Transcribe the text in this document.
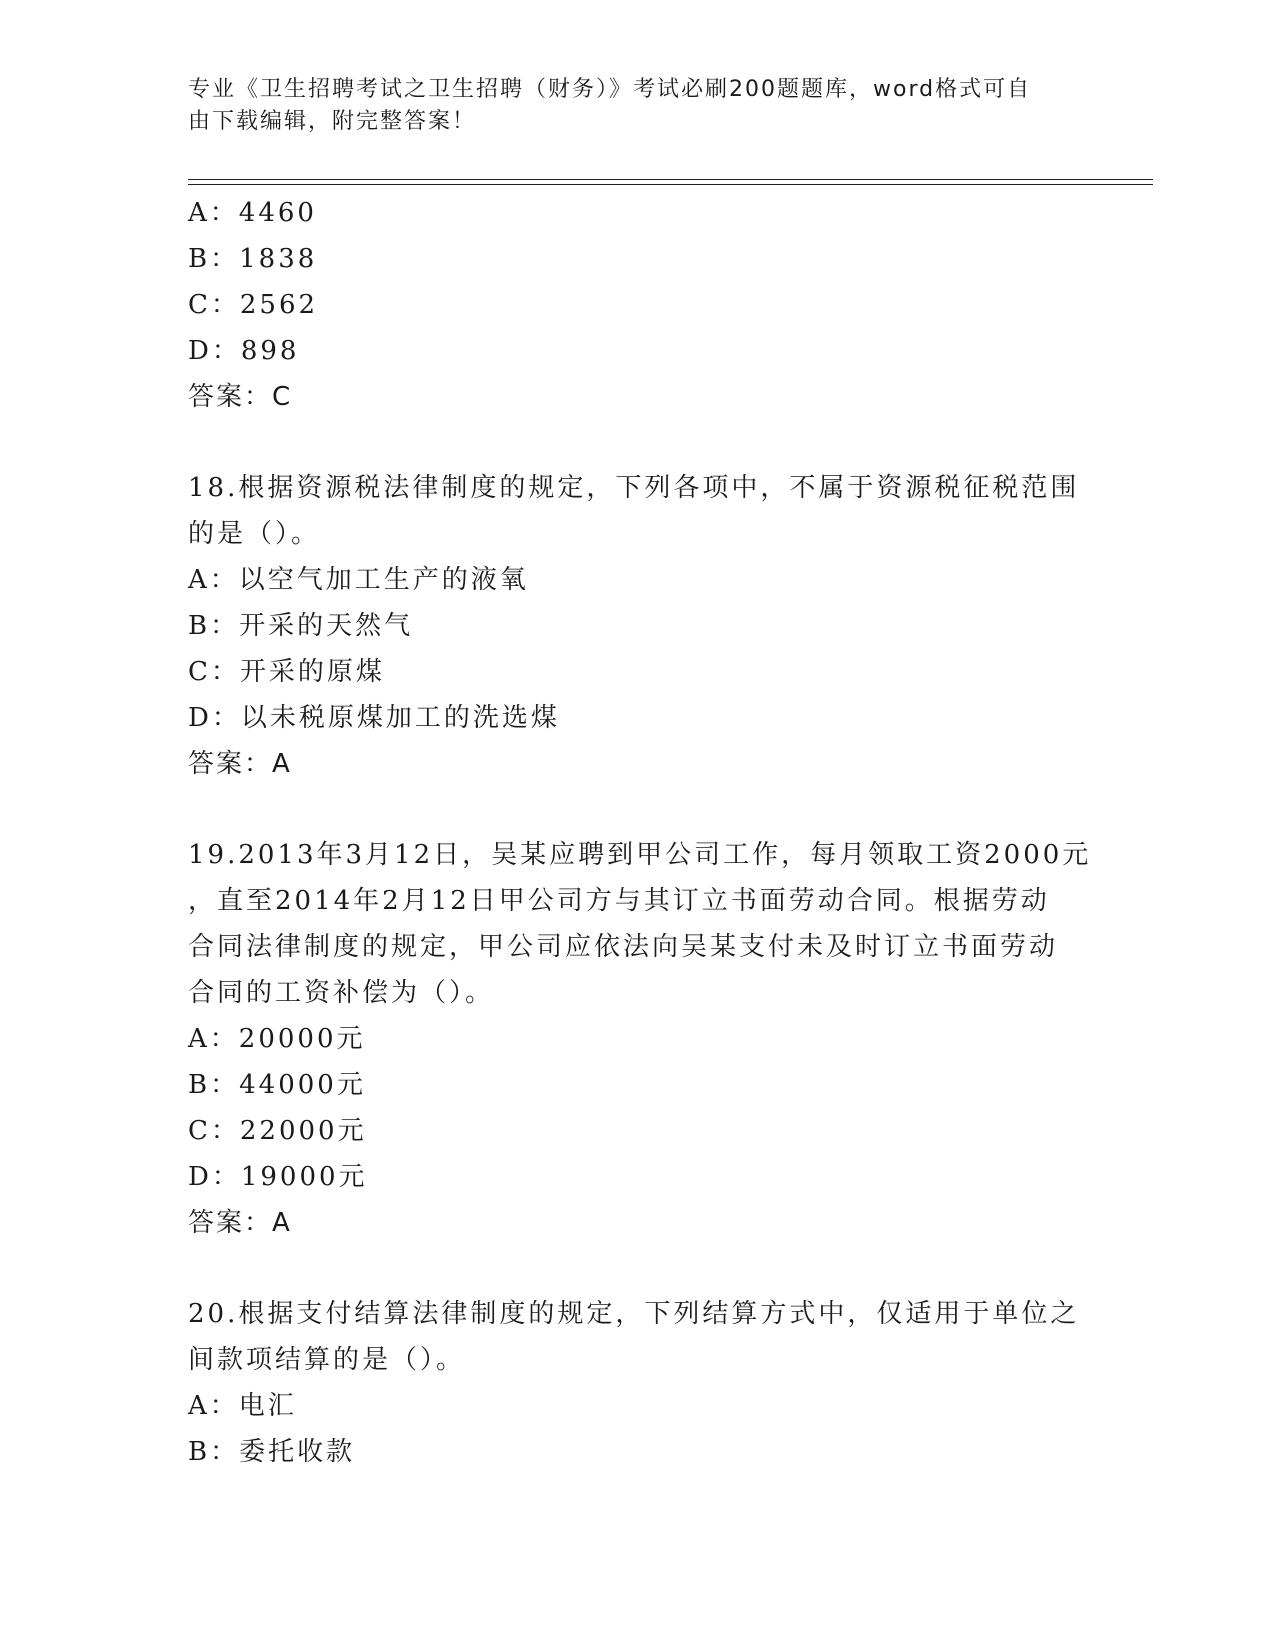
专业《卫生招聘考试之卫生招聘（财务）》考试必刷200题题库，word格式可自
由下载编辑，附完整答案！
A：4460
B：1838
C：2562
D：898
答案：C
18.根据资源税法律制度的规定，下列各项中，不属于资源税征税范围
的是（）。
A：以空气加工生产的液氧
B：开采的天然气
C：开采的原煤
D：以未税原煤加工的洗选煤
答案：A
19.2013年3月12日，吴某应聘到甲公司工作，每月领取工资2000元
，直至2014年2月12日甲公司方与其订立书面劳动合同。根据劳动
合同法律制度的规定，甲公司应依法向吴某支付未及时订立书面劳动
合同的工资补偿为（）。
A：20000元
B：44000元
C：22000元
D：19000元
答案：A
20.根据支付结算法律制度的规定，下列结算方式中，仅适用于单位之
间款项结算的是（）。
A：电汇
B：委托收款
